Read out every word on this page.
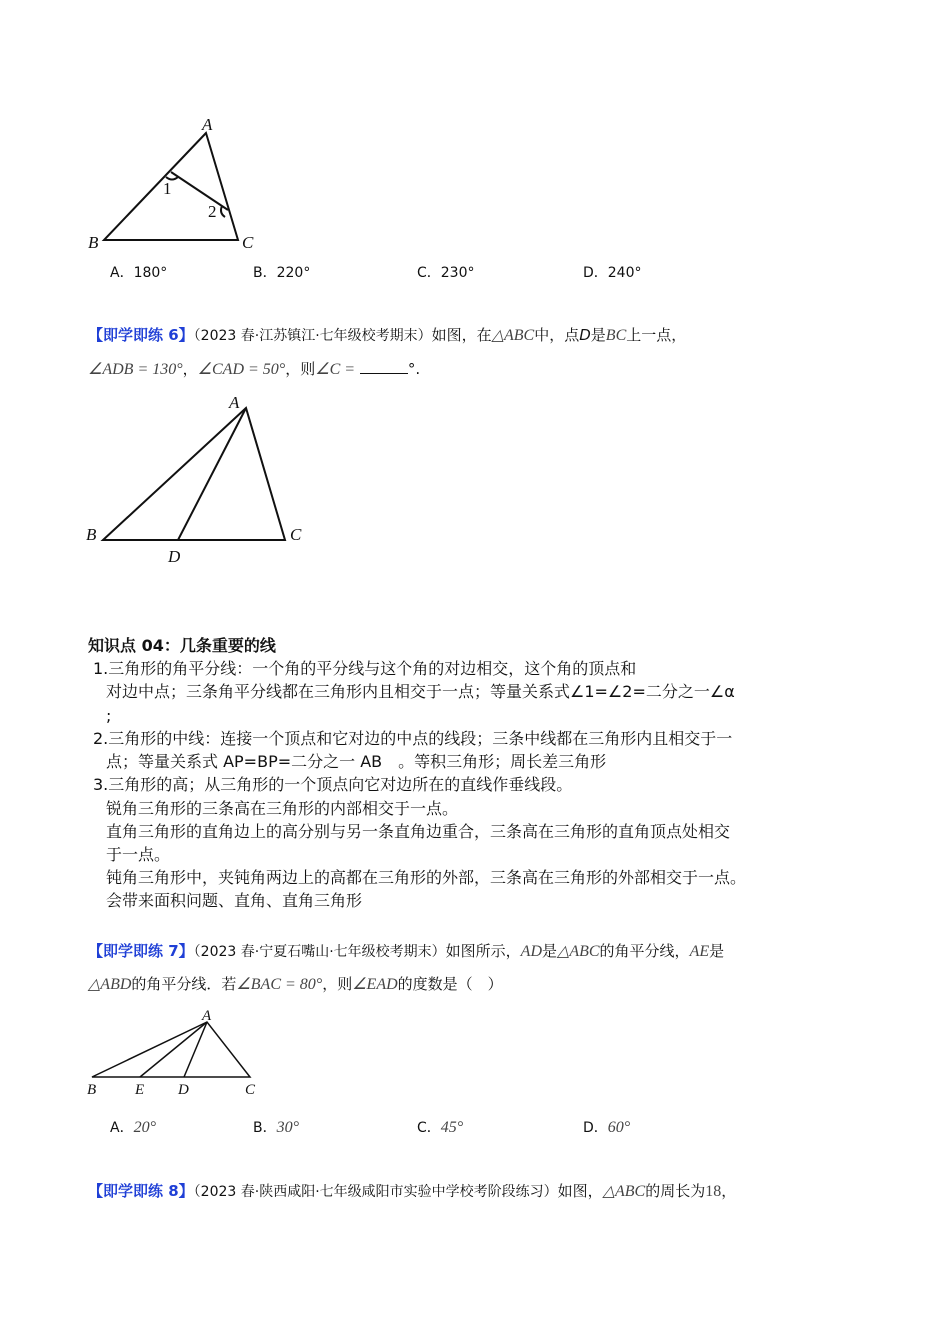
A
B	C
1
2
A
B	C
D
A
B	E D	C
A．180°	B．220°	C．230°	D．240°
【即学即练 6】（2023 春·江苏镇江·七年级校考期末）如图，在△ABC中，点D是BC上一点，
∠ADB = 130°，∠CAD = 50°，则∠C =	°.
知识点 04：几条重要的线
1.三角形的角平分线：一个角的平分线与这个角的对边相交，这个角的顶点和
对边中点；三条角平分线都在三角形内且相交于一点；等量关系式∠1=∠2=二分之一∠α
;
2.三角形的中线：连接一个顶点和它对边的中点的线段；三条中线都在三角形内且相交于一
点；等量关系式 AP=BP=二分之一 AB　。等积三角形；周长差三角形
3.三角形的高；从三角形的一个顶点向它对边所在的直线作垂线段。
锐角三角形的三条高在三角形的内部相交于一点。
直角三角形的直角边上的高分别与另一条直角边重合，三条高在三角形的直角顶点处相交
于一点。
钝角三角形中，夹钝角两边上的高都在三角形的外部，三条高在三角形的外部相交于一点。
会带来面积问题、直角、直角三角形
【即学即练 7】（2023 春·宁夏石嘴山·七年级校考期末）如图所示，AD是△ABC的角平分线，AE是
△ABD的角平分线．若∠BAC = 80°，则∠EAD的度数是（　）
A．20°	B．30°	C．45°	D．60°
【即学即练 8】（2023 春·陕西咸阳·七年级咸阳市实验中学校考阶段练习）如图，△ABC的周长为18，
